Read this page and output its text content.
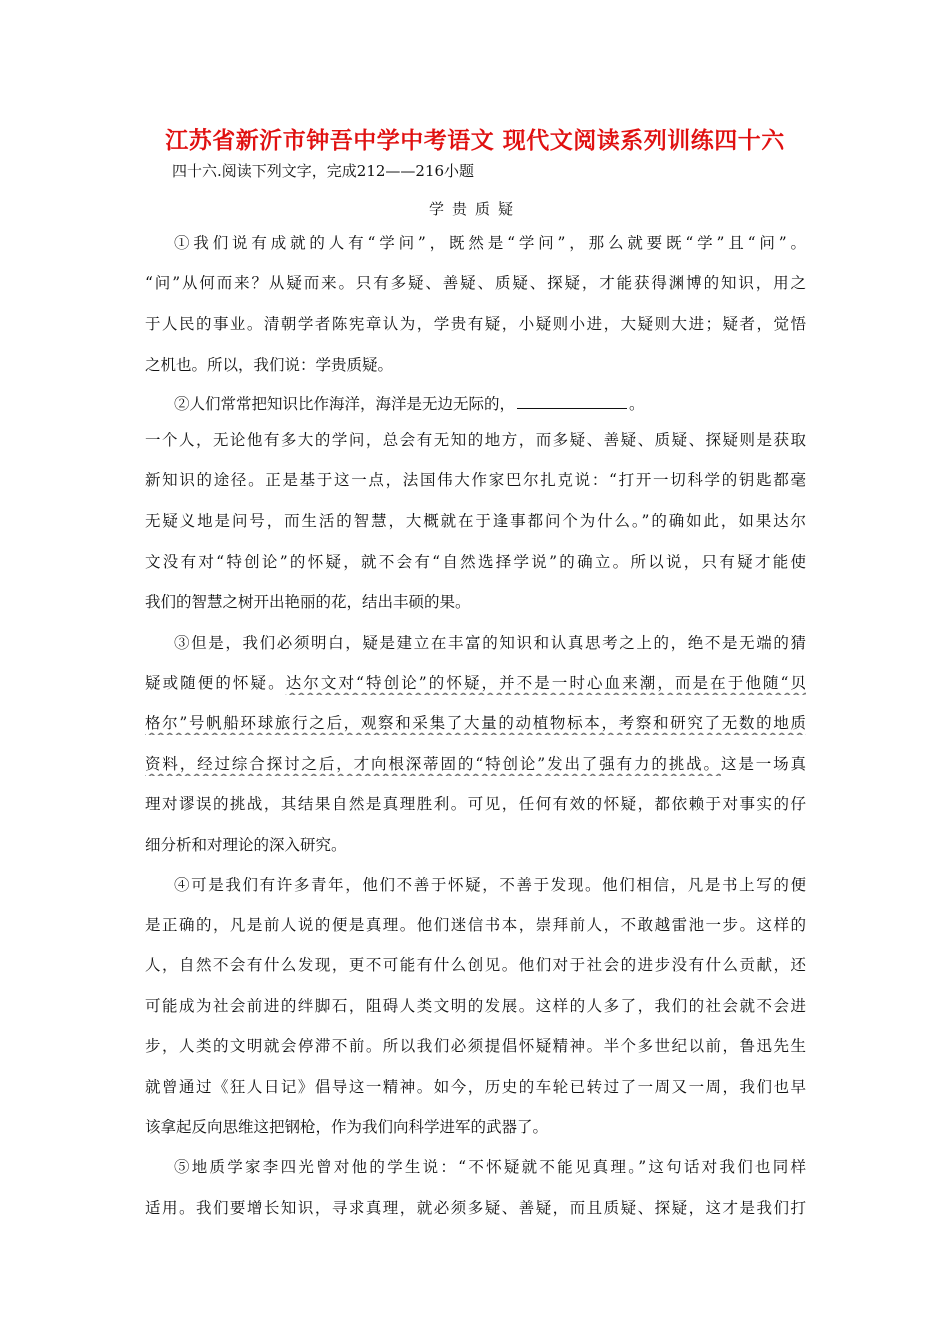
江苏省新沂市钟吾中学中考语文 现代文阅读系列训练四十六
四十六.阅读下列文字，完成212——216小题
学贵质疑
①我们说有成就的人有“学问”，既然是“学问”，那么就要既“学”且“问”。
“问”从何而来？从疑而来。只有多疑、善疑、质疑、探疑，才能获得渊博的知识，用之
于人民的事业。清朝学者陈宪章认为，学贵有疑，小疑则小进，大疑则大进；疑者，觉悟
之机也。所以，我们说：学贵质疑。
②人们常常把知识比作海洋，海洋是无边无际的，	。
一个人，无论他有多大的学问，总会有无知的地方，而多疑、善疑、质疑、探疑则是获取
新知识的途径。正是基于这一点，法国伟大作家巴尔扎克说：“打开一切科学的钥匙都毫
无疑义地是问号，而生活的智慧，大概就在于逢事都问个为什么。”的确如此，如果达尔
文没有对“特创论”的怀疑，就不会有“自然选择学说”的确立。所以说，只有疑才能使
我们的智慧之树开出艳丽的花，结出丰硕的果。
③但是，我们必须明白，疑是建立在丰富的知识和认真思考之上的，绝不是无端的猜
疑或随便的怀疑。达尔文对“特创论”的怀疑，并不是一时心血来潮，而是在于他随“贝
格尔”号帆船环球旅行之后，观察和采集了大量的动植物标本，考察和研究了无数的地质
资料，经过综合探讨之后，才向根深蒂固的“特创论”发出了强有力的挑战。这是一场真
理对谬误的挑战，其结果自然是真理胜利。可见，任何有效的怀疑，都依赖于对事实的仔
细分析和对理论的深入研究。
④可是我们有许多青年，他们不善于怀疑，不善于发现。他们相信，凡是书上写的便
是正确的，凡是前人说的便是真理。他们迷信书本，崇拜前人，不敢越雷池一步。这样的
人，自然不会有什么发现，更不可能有什么创见。他们对于社会的进步没有什么贡献，还
可能成为社会前进的绊脚石，阻碍人类文明的发展。这样的人多了，我们的社会就不会进
步，人类的文明就会停滞不前。所以我们必须提倡怀疑精神。半个多世纪以前，鲁迅先生
就曾通过《狂人日记》倡导这一精神。如今，历史的车轮已转过了一周又一周，我们也早
该拿起反向思维这把钢枪，作为我们向科学进军的武器了。
⑤地质学家李四光曾对他的学生说：“不怀疑就不能见真理。”这句话对我们也同样
适用。我们要增长知识，寻求真理，就必须多疑、善疑，而且质疑、探疑，这才是我们打
